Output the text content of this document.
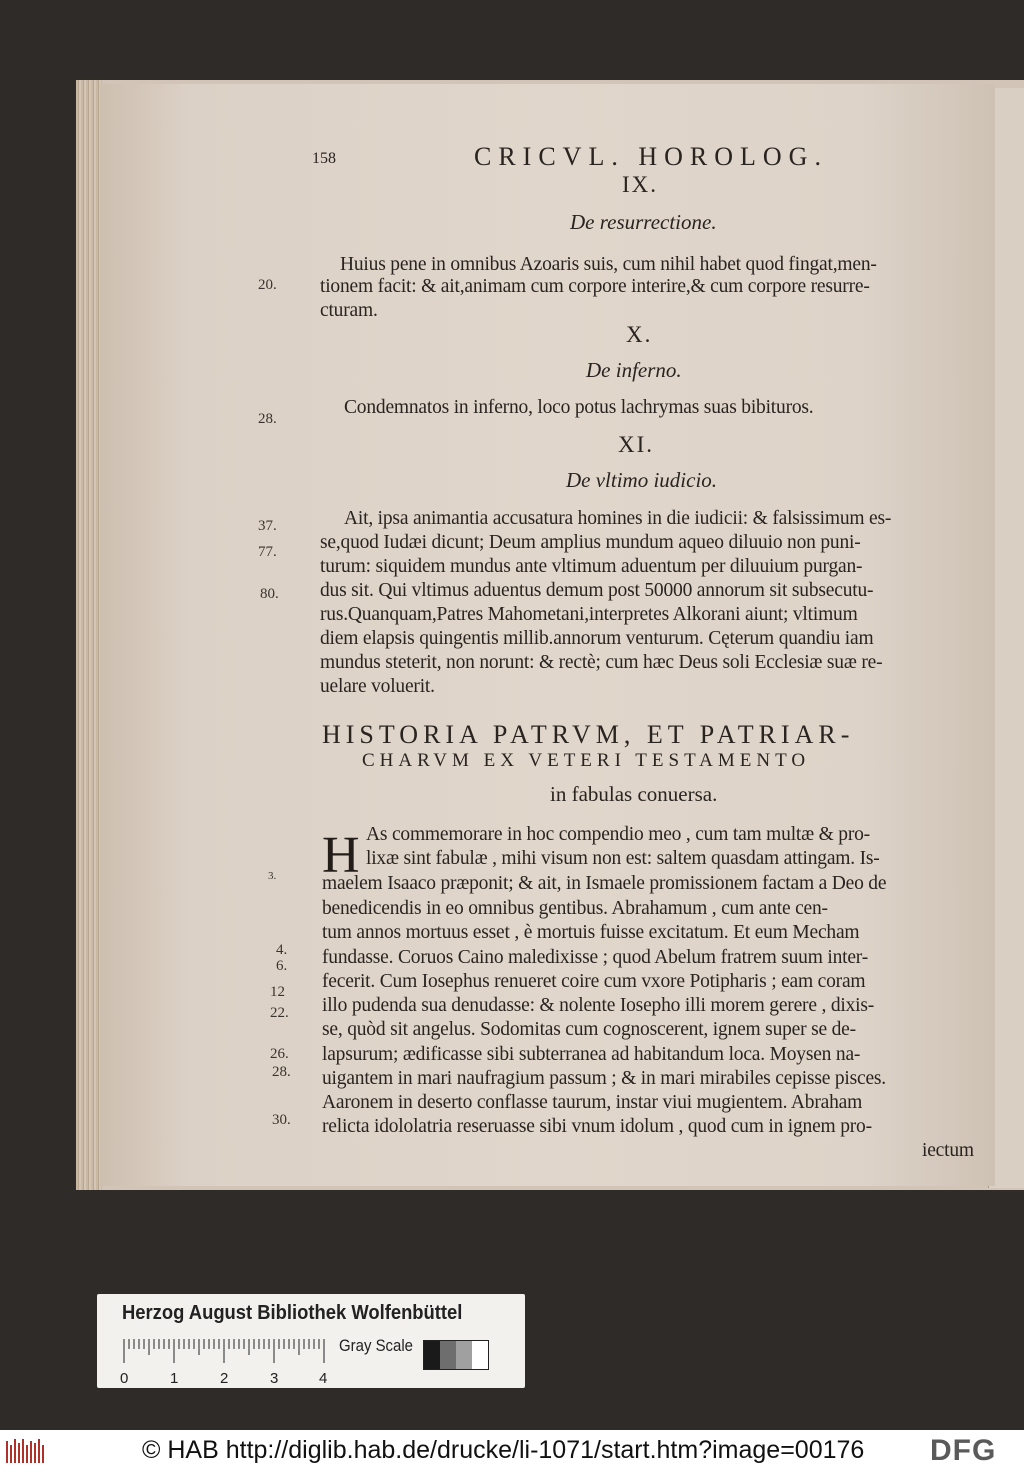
158	CRICVL. HOROLOG.
IX.
De resurrectione.
Huius pene in omnibus Azoaris suis, cum nihil habet quod fingat,men-
tionem facit: & ait,animam cum corpore interire,& cum corpore resurre-
cturam.
X.
De inferno.
Condemnatos in inferno, loco potus lachrymas suas bibituros.
XI.
De vltimo iudicio.
Ait, ipsa animantia accusatura homines in die iudicii: & falsissimum es-
se,quod Iudæi dicunt; Deum amplius mundum aqueo diluuio non puni-
turum: siquidem mundus ante vltimum aduentum per diluuium purgan-
dus sit. Qui vltimus aduentus demum post 50000 annorum sit subsecutu-
rus.Quanquam,Patres Mahometani,interpretes Alkorani aiunt; vltimum
diem elapsis quingentis millib.annorum venturum. Cęterum quandiu iam
mundus steterit, non norunt: & rectè; cum hæc Deus soli Ecclesiæ suæ re-
uelare voluerit.
HISTORIA PATRVM, ET PATRIAR-
CHARVM EX VETERI TESTAMENTO
in fabulas conuersa.
H As commemorare in hoc compendio meo , cum tam multæ & pro-
lixæ sint fabulæ , mihi visum non est: saltem quasdam attingam. Is-
maelem Isaaco præponit; & ait, in Ismaele promissionem factam a Deo de
benedicendis in eo omnibus gentibus. Abrahamum , cum ante cen-
tum annos mortuus esset , è mortuis fuisse excitatum. Et eum Mecham
fundasse. Coruos Caino maledixisse ; quod Abelum fratrem suum inter-
fecerit. Cum Iosephus renueret coire cum vxore Potipharis ; eam coram
illo pudenda sua denudasse: & nolente Iosepho illi morem gerere , dixis-
se, quòd sit angelus. Sodomitas cum cognoscerent, ignem super se de-
lapsurum; ædificasse sibi subterranea ad habitandum loca. Moysen na-
uigantem in mari naufragium passum ; & in mari mirabiles cepisse pisces.
Aaronem in deserto conflasse taurum, instar viui mugientem. Abraham
relicta idololatria reseruasse sibi vnum idolum , quod cum in ignem pro-
iectum
20.
28.
37.
77.
80.
3.
4.
6.
12
22.
26.
28.
30.
Herzog August Bibliothek Wolfenbüttel
0	1	2	3	4
Gray Scale
© HAB http://diglib.hab.de/drucke/li-1071/start.htm?image=00176 DFG
